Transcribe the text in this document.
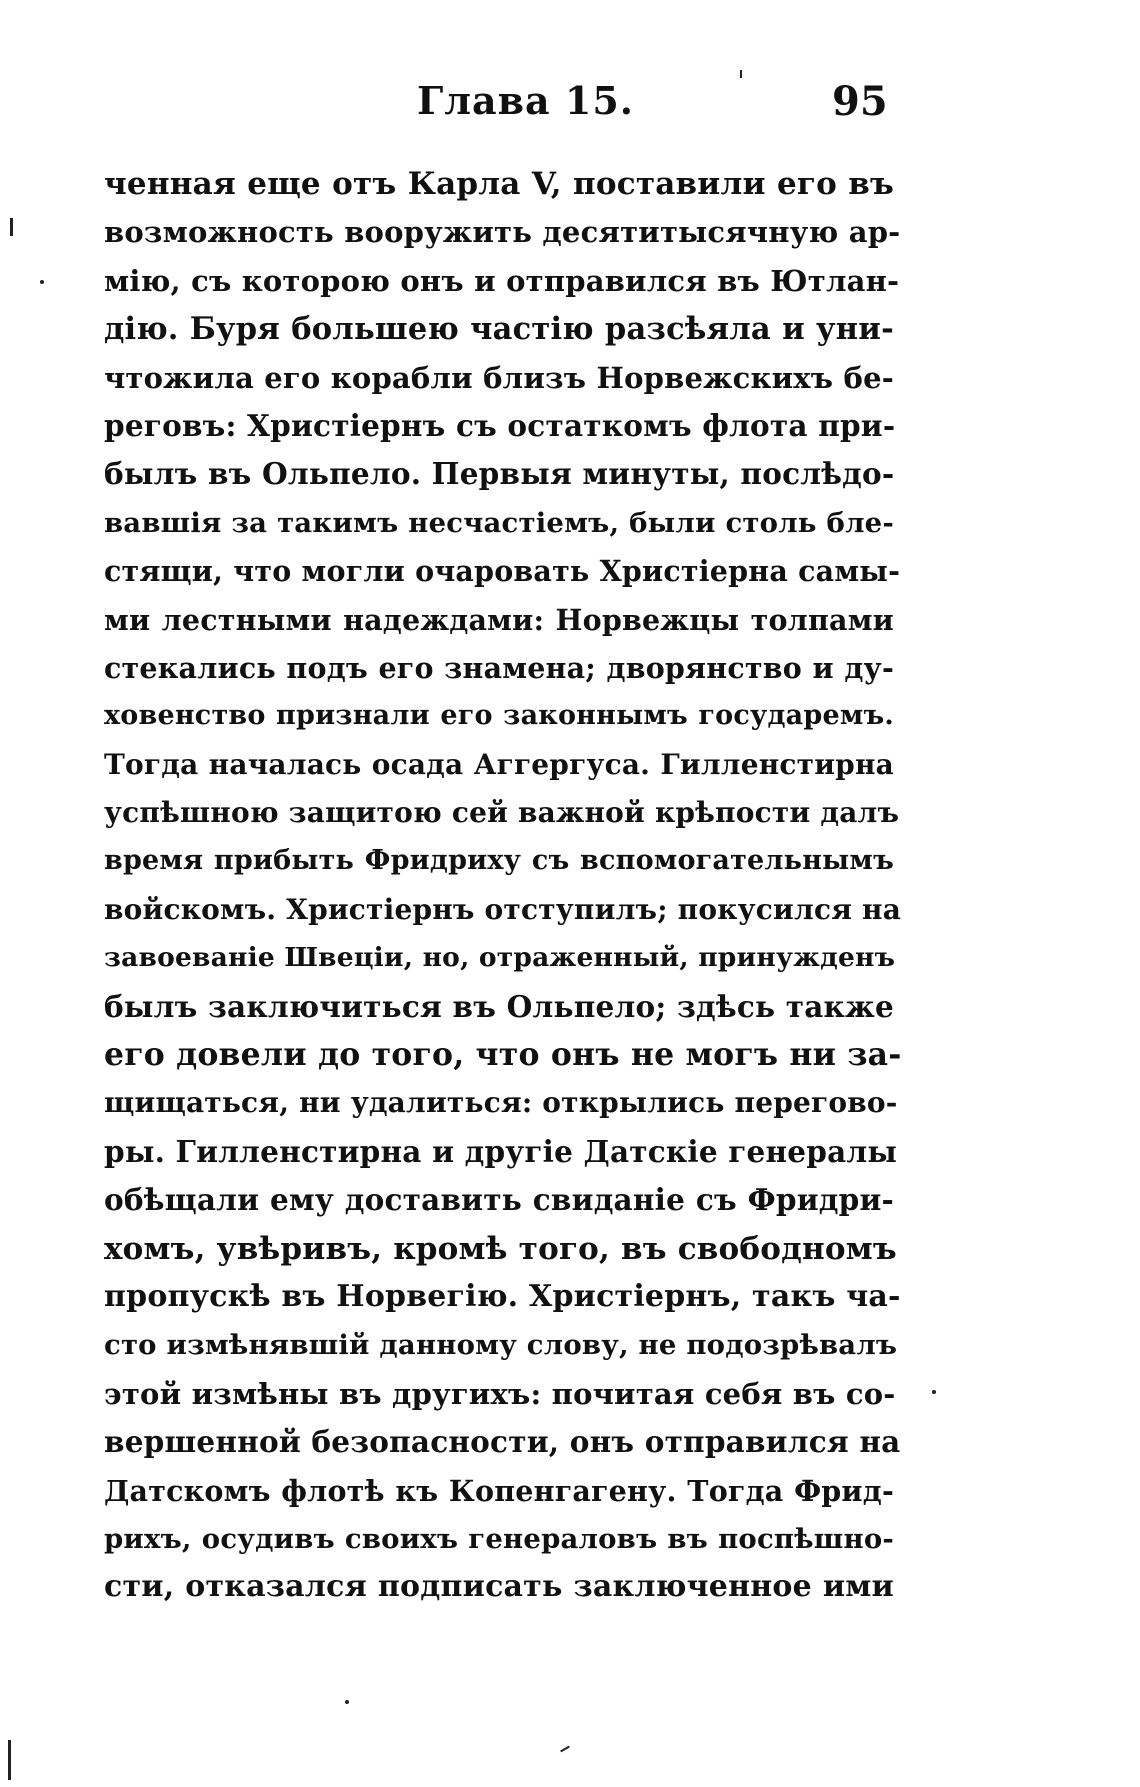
Глава 15.	95
ченная еще отъ Карла V, поставили его въ
возможность вооружить десятитысячную ар-
мiю, съ которою онъ и отправился въ Ютлан-
дiю. Буря большею частiю разсѣяла и уни-
чтожила его корабли близъ Норвежскихъ бе-
реговъ: Христiернъ съ остаткомъ флота при-
былъ въ Ольпело. Первыя минуты, послѣдо-
вавшiя за такимъ несчастiемъ, были столь бле-
стящи, что могли очаровать Христiерна самы-
ми лестными надеждами: Норвежцы толпами
стекались подъ его знамена; дворянство и ду-
ховенство признали его законнымъ государемъ.
Тогда началась осада Аггергуса. Гилленстирна
успѣшною защитою сей важной крѣпости далъ
время прибыть Фридриху съ вспомогательнымъ
войскомъ. Христiернъ отступилъ; покусился на
завоеванiе Швецiи, но, отраженный, принужденъ
былъ заключиться въ Ольпело; здѣсь также
его довели до того, что онъ не могъ ни за-
щищаться, ни удалиться: открылись перегово-
ры. Гилленстирна и другiе Датскiе генералы
обѣщали ему доставить свиданiе съ Фридри-
хомъ, увѣривъ, кромѣ того, въ свободномъ
пропускѣ въ Норвегiю. Христiернъ, такъ ча-
сто измѣнявшiй данному слову, не подозрѣвалъ
этой измѣны въ другихъ: почитая себя въ со-
вершенной безопасности, онъ отправился на
Датскомъ флотѣ къ Копенгагену. Тогда Фрид-
рихъ, осудивъ своихъ генераловъ въ поспѣшно-
сти, отказался подписать заключенное ими
